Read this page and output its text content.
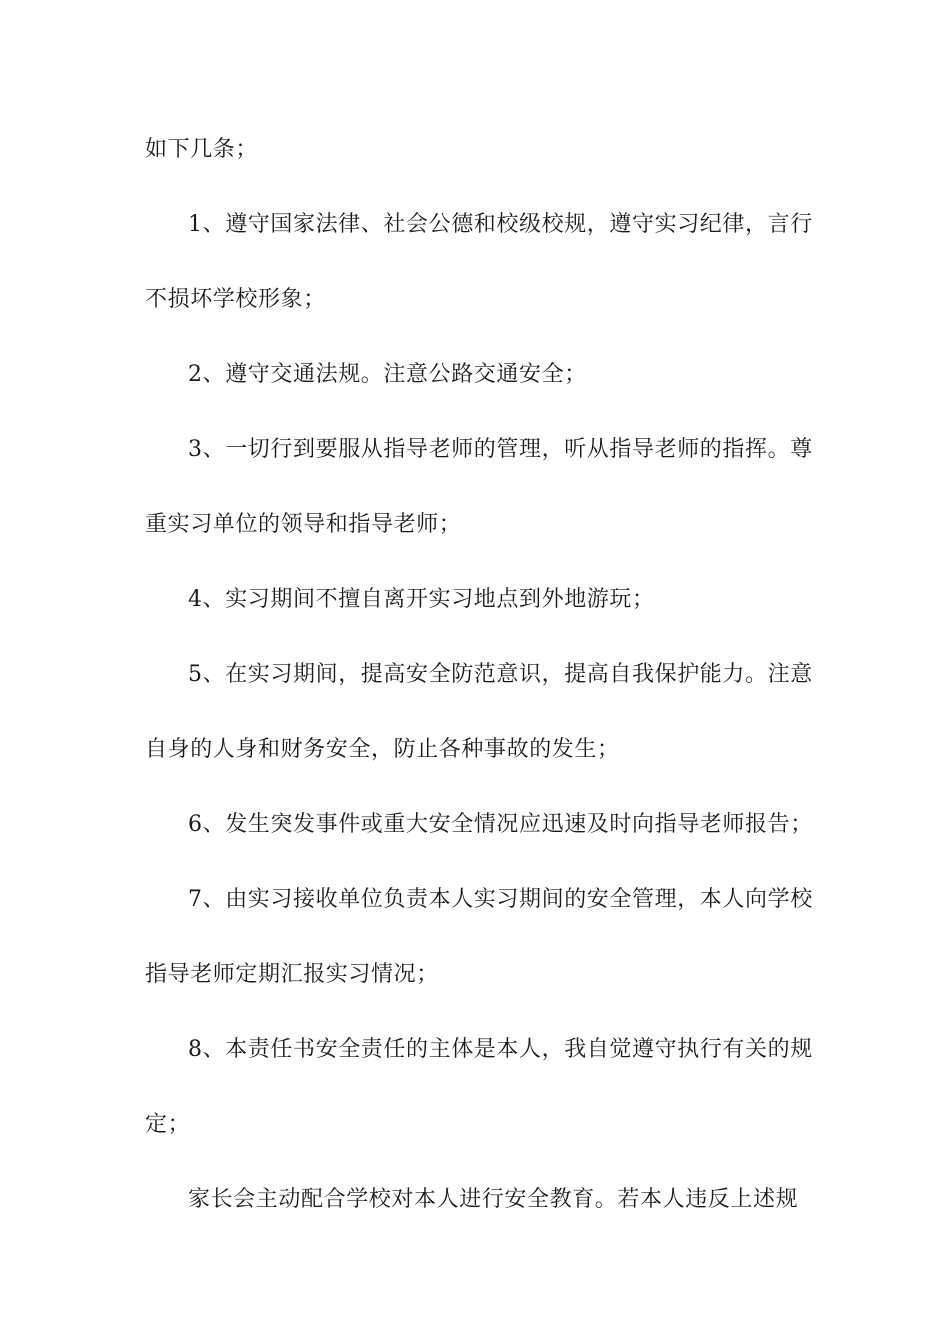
如下几条；
1、遵守国家法律、社会公德和校级校规，遵守实习纪律，言行
不损坏学校形象；
2、遵守交通法规。注意公路交通安全；
3、一切行到要服从指导老师的管理，听从指导老师的指挥。尊
重实习单位的领导和指导老师；
4、实习期间不擅自离开实习地点到外地游玩；
5、在实习期间，提高安全防范意识，提高自我保护能力。注意
自身的人身和财务安全，防止各种事故的发生；
6、发生突发事件或重大安全情况应迅速及时向指导老师报告；
7、由实习接收单位负责本人实习期间的安全管理，本人向学校
指导老师定期汇报实习情况；
8、本责任书安全责任的主体是本人，我自觉遵守执行有关的规
定；
家长会主动配合学校对本人进行安全教育。若本人违反上述规
